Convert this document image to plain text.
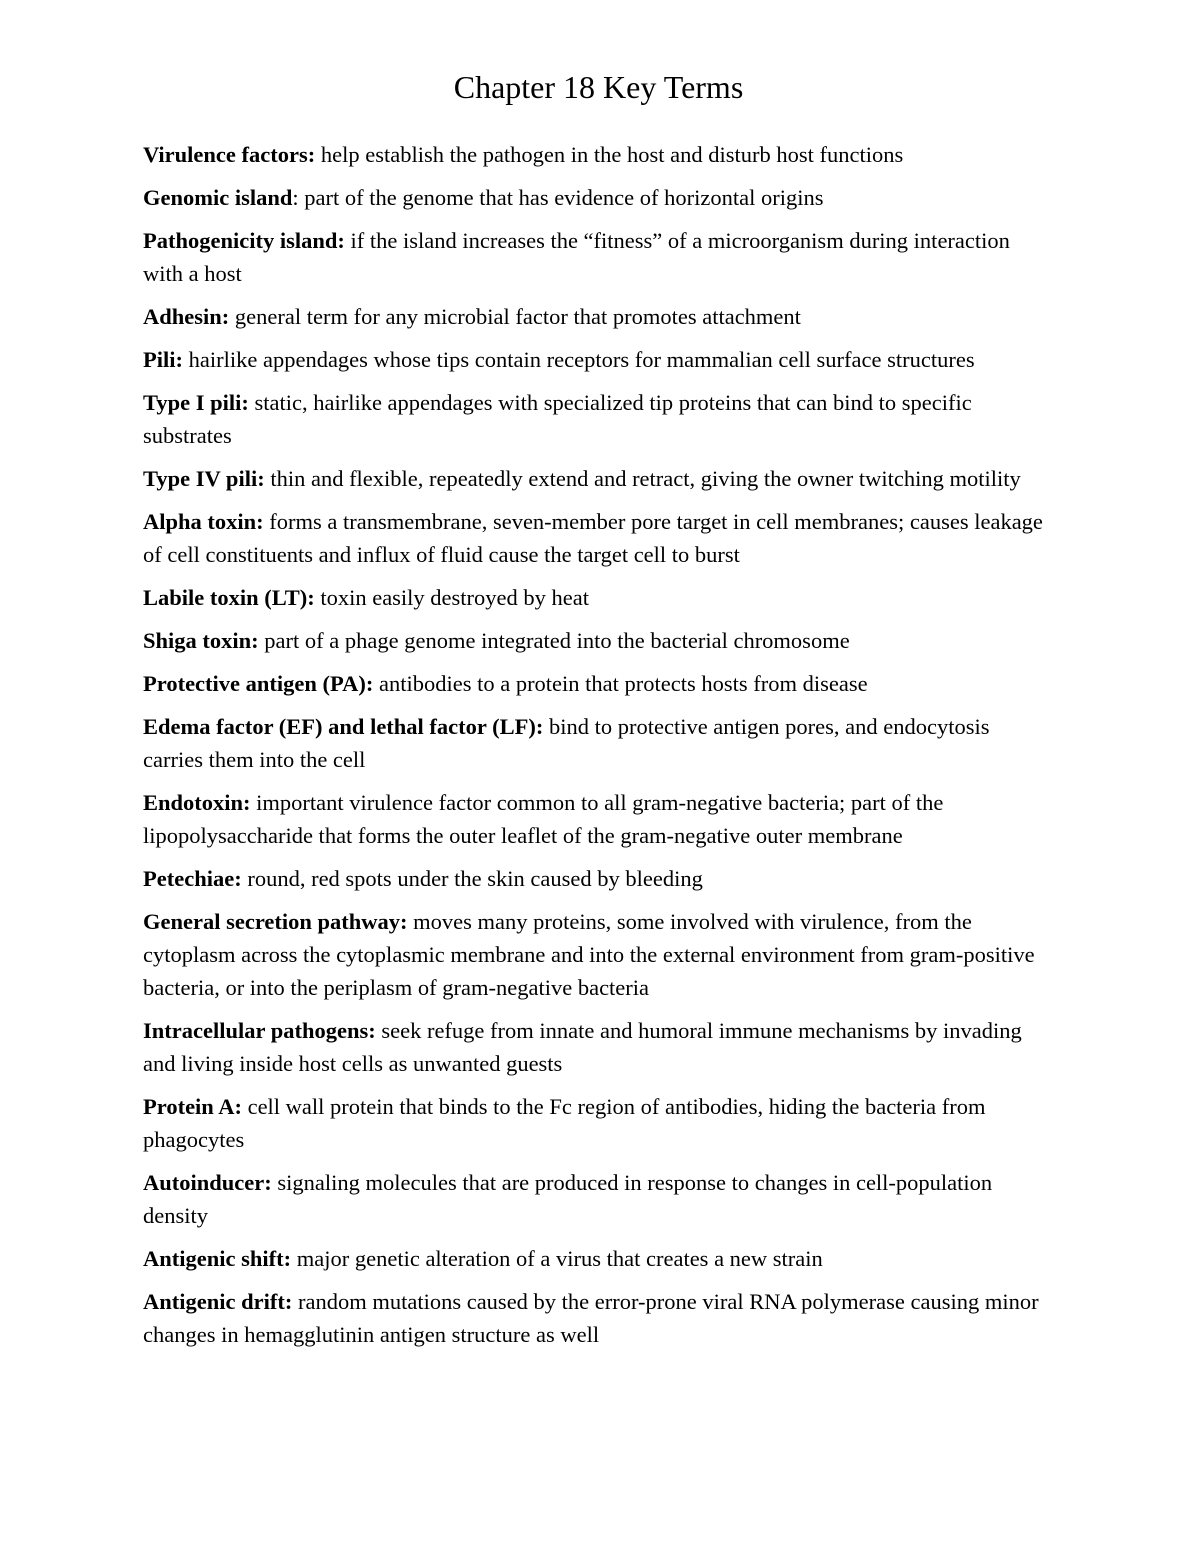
Chapter 18 Key Terms

Virulence factors: help establish the pathogen in the host and disturb host functions

Genomic island: part of the genome that has evidence of horizontal origins

Pathogenicity island: if the island increases the “fitness” of a microorganism during interaction with a host

Adhesin: general term for any microbial factor that promotes attachment

Pili: hairlike appendages whose tips contain receptors for mammalian cell surface structures

Type I pili: static, hairlike appendages with specialized tip proteins that can bind to specific substrates

Type IV pili: thin and flexible, repeatedly extend and retract, giving the owner twitching motility

Alpha toxin: forms a transmembrane, seven-member pore target in cell membranes; causes leakage of cell constituents and influx of fluid cause the target cell to burst

Labile toxin (LT): toxin easily destroyed by heat

Shiga toxin: part of a phage genome integrated into the bacterial chromosome

Protective antigen (PA): antibodies to a protein that protects hosts from disease

Edema factor (EF) and lethal factor (LF): bind to protective antigen pores, and endocytosis carries them into the cell

Endotoxin: important virulence factor common to all gram-negative bacteria; part of the lipopolysaccharide that forms the outer leaflet of the gram-negative outer membrane

Petechiae: round, red spots under the skin caused by bleeding

General secretion pathway: moves many proteins, some involved with virulence, from the cytoplasm across the cytoplasmic membrane and into the external environment from gram-positive bacteria, or into the periplasm of gram-negative bacteria

Intracellular pathogens: seek refuge from innate and humoral immune mechanisms by invading and living inside host cells as unwanted guests

Protein A: cell wall protein that binds to the Fc region of antibodies, hiding the bacteria from phagocytes

Autoinducer: signaling molecules that are produced in response to changes in cell-population density

Antigenic shift: major genetic alteration of a virus that creates a new strain

Antigenic drift: random mutations caused by the error-prone viral RNA polymerase causing minor changes in hemagglutinin antigen structure as well
